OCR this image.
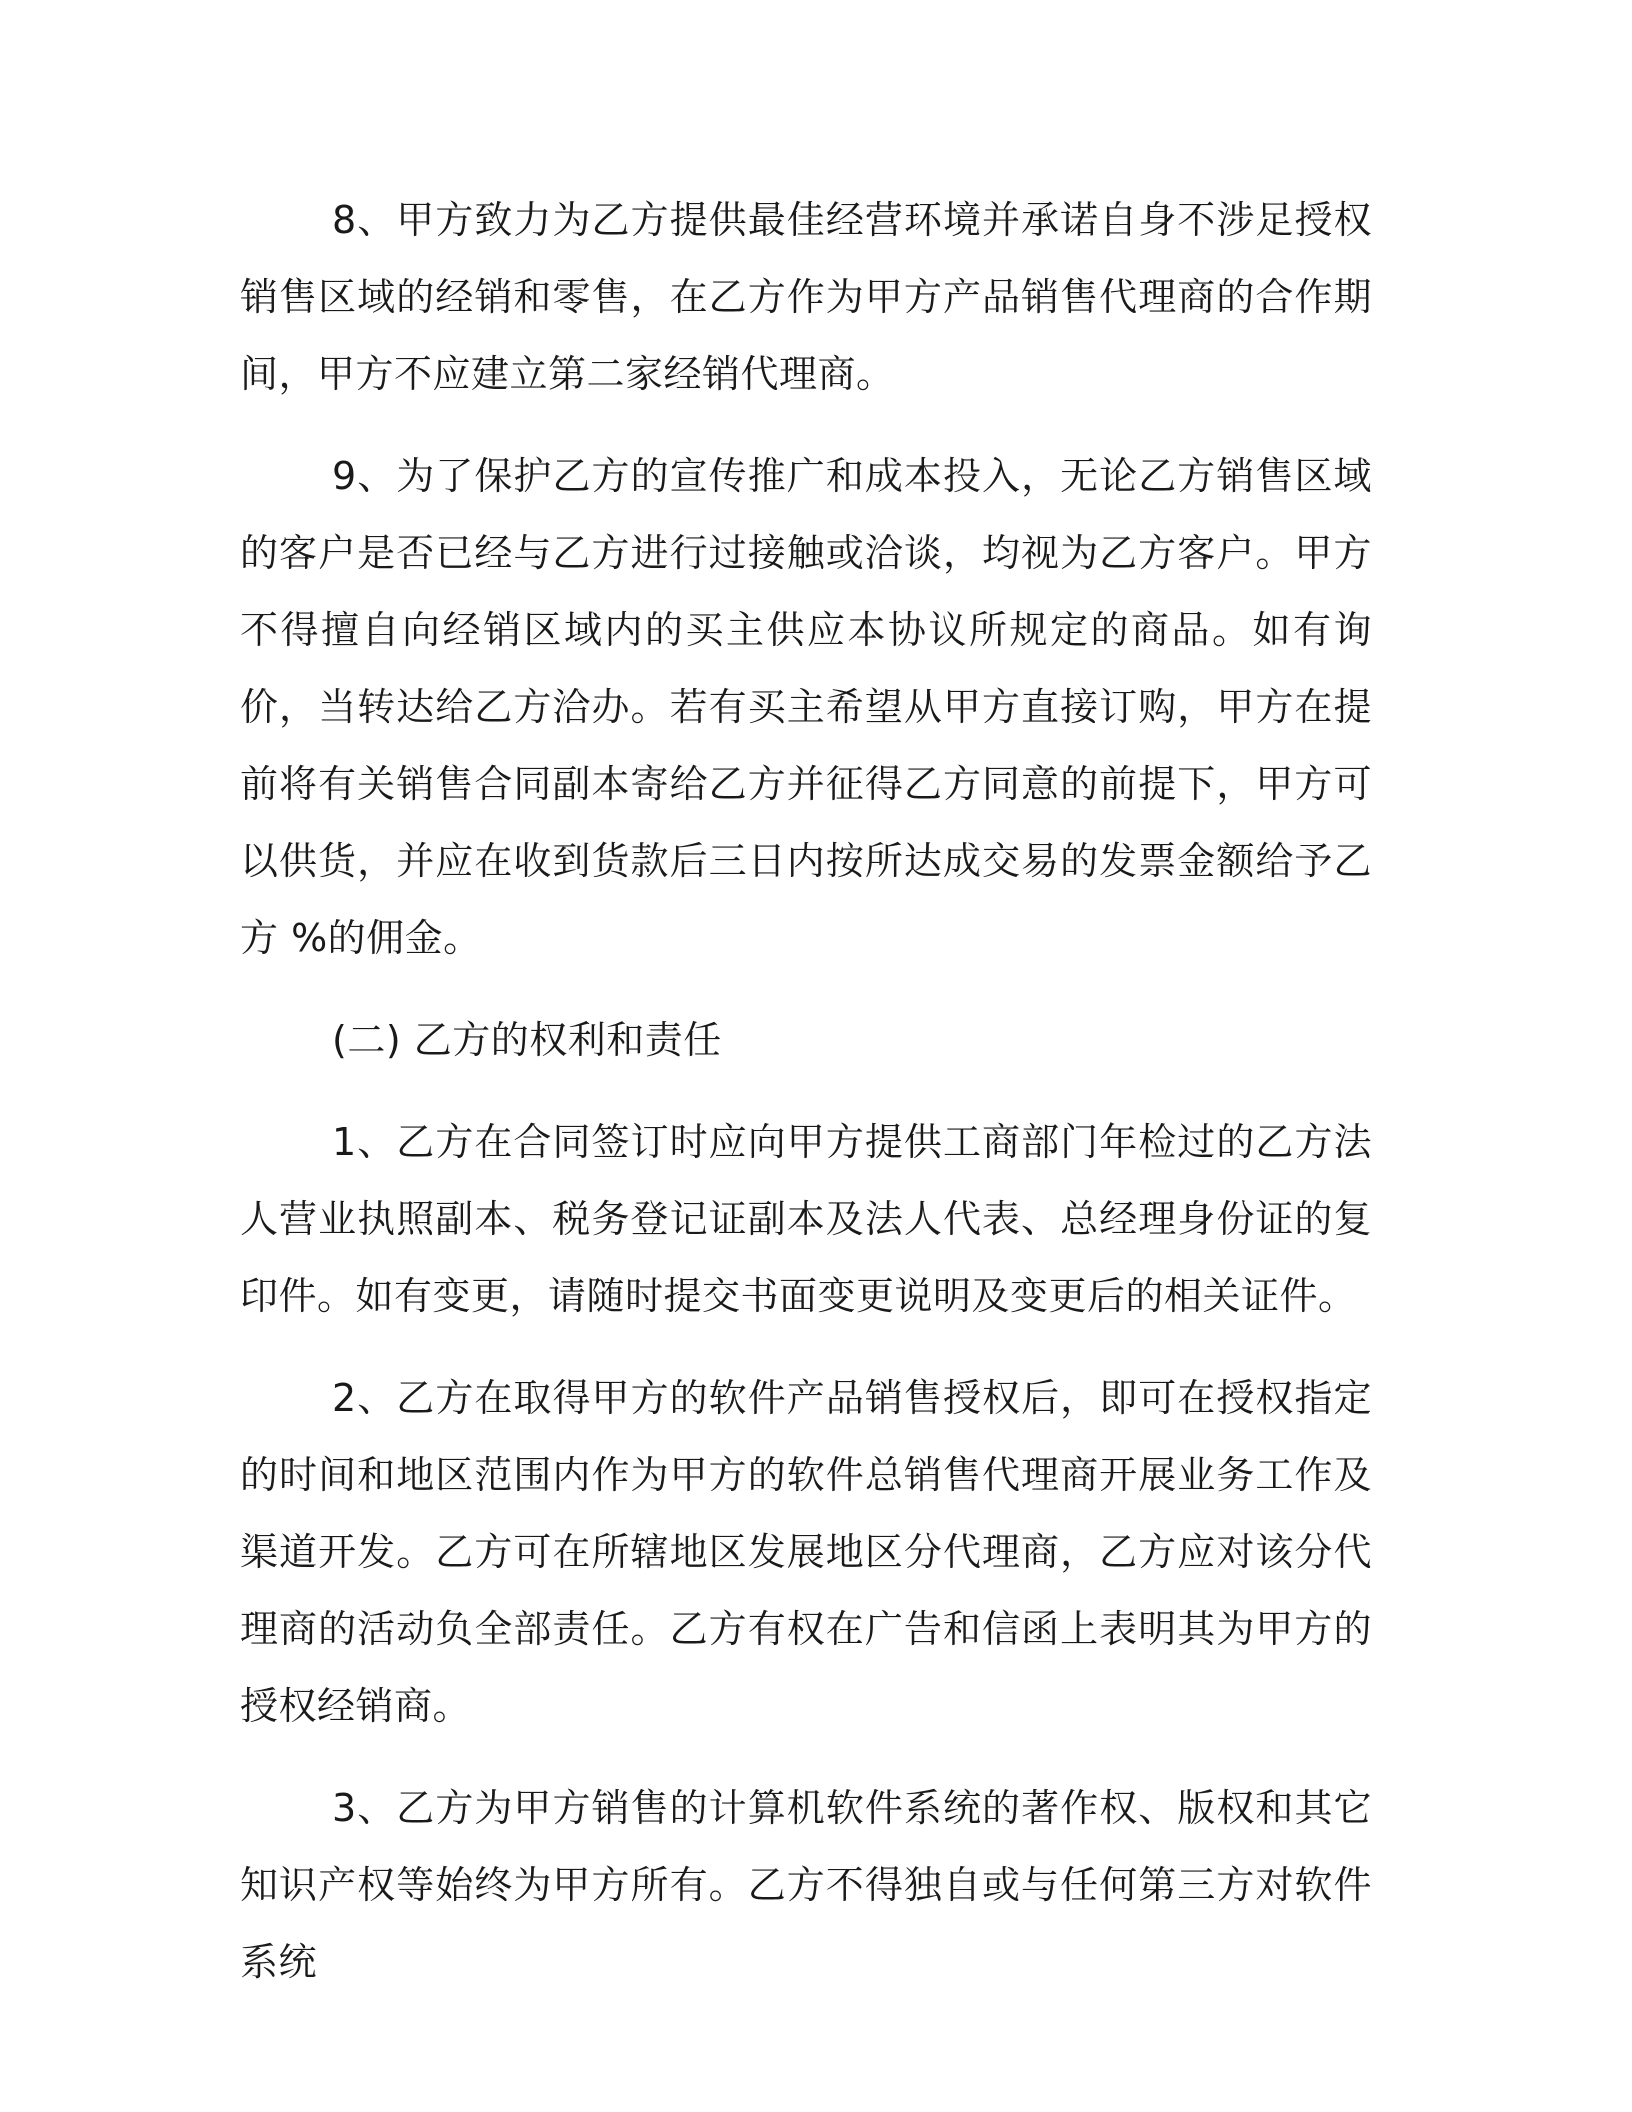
8、甲方致力为乙方提供最佳经营环境并承诺自身不涉足授权销售区域的经销和零售，在乙方作为甲方产品销售代理商的合作期间，甲方不应建立第二家经销代理商。

9、为了保护乙方的宣传推广和成本投入，无论乙方销售区域的客户是否已经与乙方进行过接触或洽谈，均视为乙方客户。甲方不得擅自向经销区域内的买主供应本协议所规定的商品。如有询价，当转达给乙方洽办。若有买主希望从甲方直接订购，甲方在提前将有关销售合同副本寄给乙方并征得乙方同意的前提下，甲方可以供货，并应在收到货款后三日内按所达成交易的发票金额给予乙方 %的佣金。

(二) 乙方的权利和责任

1、乙方在合同签订时应向甲方提供工商部门年检过的乙方法人营业执照副本、税务登记证副本及法人代表、总经理身份证的复印件。如有变更，请随时提交书面变更说明及变更后的相关证件。

2、乙方在取得甲方的软件产品销售授权后，即可在授权指定的时间和地区范围内作为甲方的软件总销售代理商开展业务工作及渠道开发。乙方可在所辖地区发展地区分代理商，乙方应对该分代理商的活动负全部责任。乙方有权在广告和信函上表明其为甲方的授权经销商。

3、乙方为甲方销售的计算机软件系统的著作权、版权和其它知识产权等始终为甲方所有。乙方不得独自或与任何第三方对软件系统
